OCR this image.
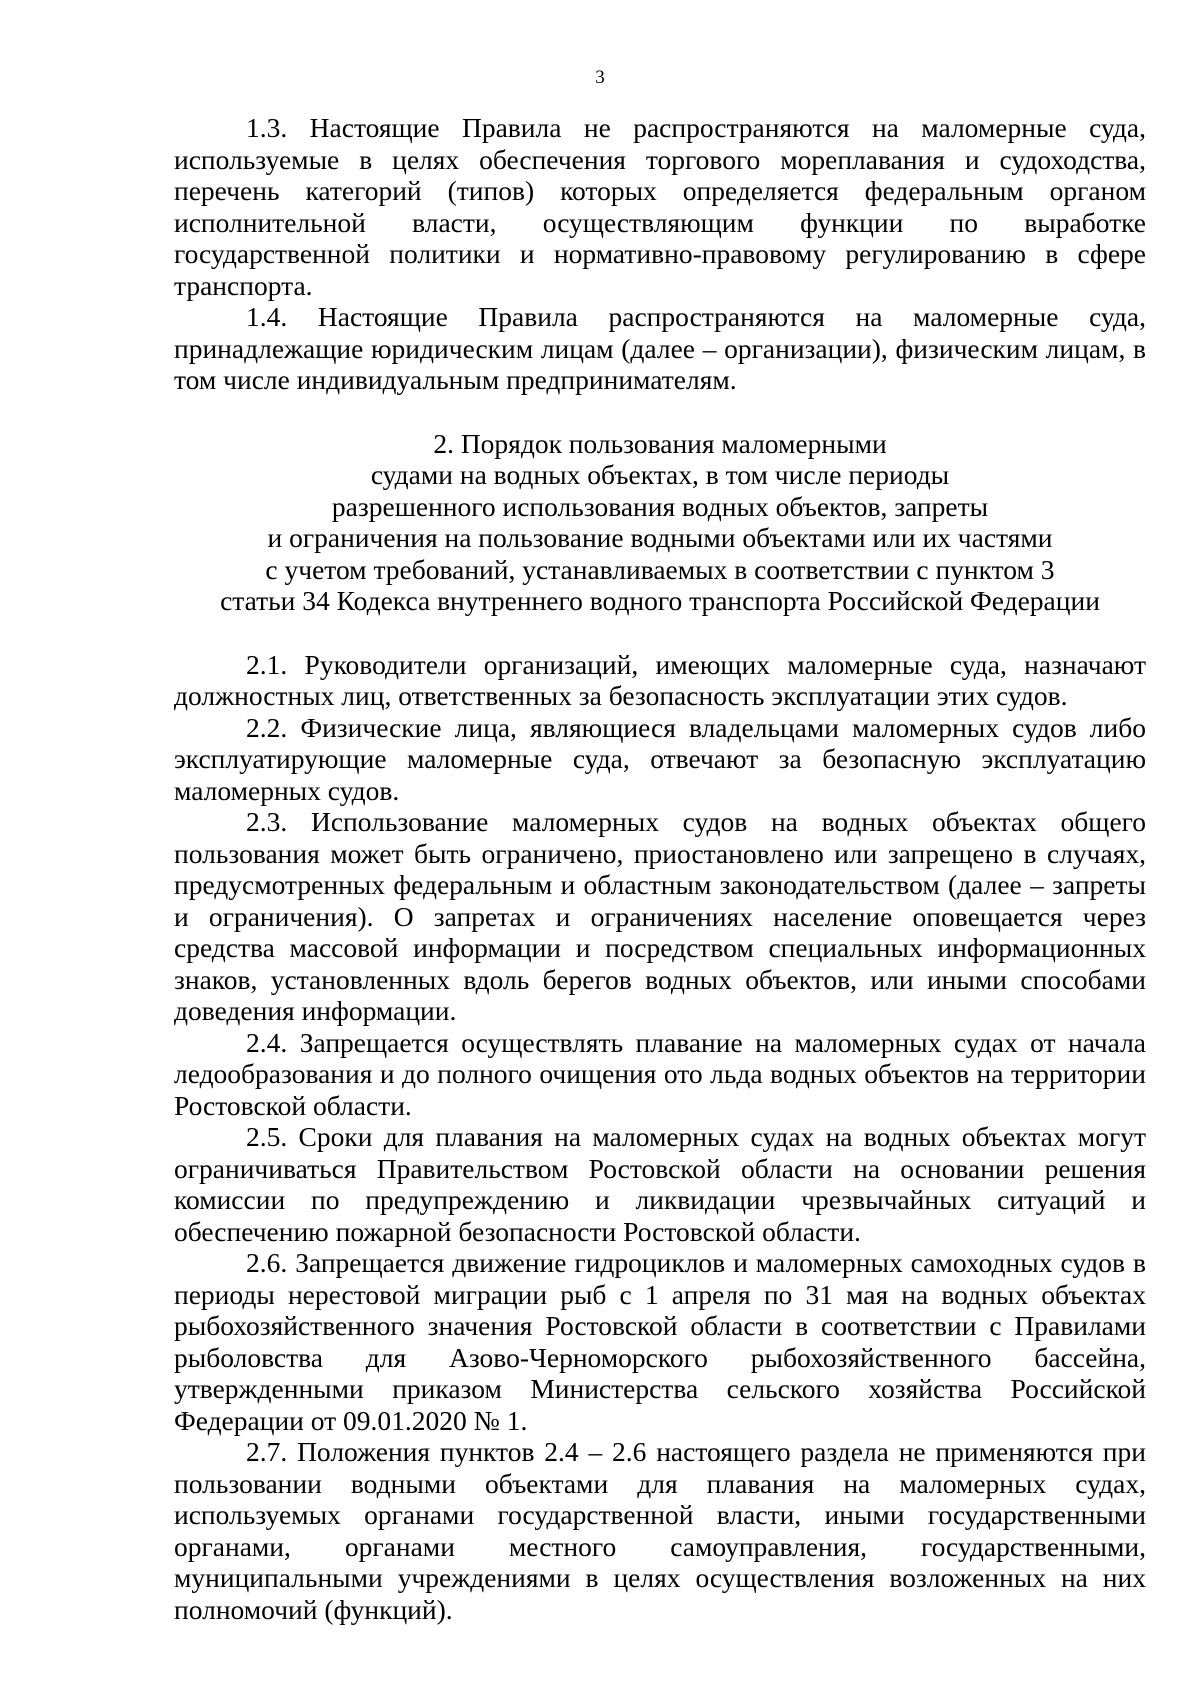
3

1.3. Настоящие Правила не распространяются на маломерные суда, используемые в целях обеспечения торгового мореплавания и судоходства, перечень категорий (типов) которых определяется федеральным органом исполнительной власти, осуществляющим функции по выработке государственной политики и нормативно-правовому регулированию в сфере транспорта.

1.4. Настоящие Правила распространяются на маломерные суда, принадлежащие юридическим лицам (далее – организации), физическим лицам, в том числе индивидуальным предпринимателям.

2. Порядок пользования маломерными
судами на водных объектах, в том числе периоды
разрешенного использования водных объектов, запреты
и ограничения на пользование водными объектами или их частями
с учетом требований, устанавливаемых в соответствии с пунктом 3
статьи 34 Кодекса внутреннего водного транспорта Российской Федерации

2.1. Руководители организаций, имеющих маломерные суда, назначают должностных лиц, ответственных за безопасность эксплуатации этих судов.

2.2. Физические лица, являющиеся владельцами маломерных судов либо эксплуатирующие маломерные суда, отвечают за безопасную эксплуатацию маломерных судов.

2.3. Использование маломерных судов на водных объектах общего пользования может быть ограничено, приостановлено или запрещено в случаях, предусмотренных федеральным и областным законодательством (далее – запреты и ограничения). О запретах и ограничениях население оповещается через средства массовой информации и посредством специальных информационных знаков, установленных вдоль берегов водных объектов, или иными способами доведения информации.

2.4. Запрещается осуществлять плавание на маломерных судах от начала ледообразования и до полного очищения ото льда водных объектов на территории Ростовской области.

2.5. Сроки для плавания на маломерных судах на водных объектах могут ограничиваться Правительством Ростовской области на основании решения комиссии по предупреждению и ликвидации чрезвычайных ситуаций и обеспечению пожарной безопасности Ростовской области.

2.6. Запрещается движение гидроциклов и маломерных самоходных судов в периоды нерестовой миграции рыб с 1 апреля по 31 мая на водных объектах рыбохозяйственного значения Ростовской области в соответствии с Правилами рыболовства для Азово-Черноморского рыбохозяйственного бассейна, утвержденными приказом Министерства сельского хозяйства Российской Федерации от 09.01.2020 № 1.

2.7. Положения пунктов 2.4 – 2.6 настоящего раздела не применяются при пользовании водными объектами для плавания на маломерных судах, используемых органами государственной власти, иными государственными органами, органами местного самоуправления, государственными, муниципальными учреждениями в целях осуществления возложенных на них полномочий (функций).
